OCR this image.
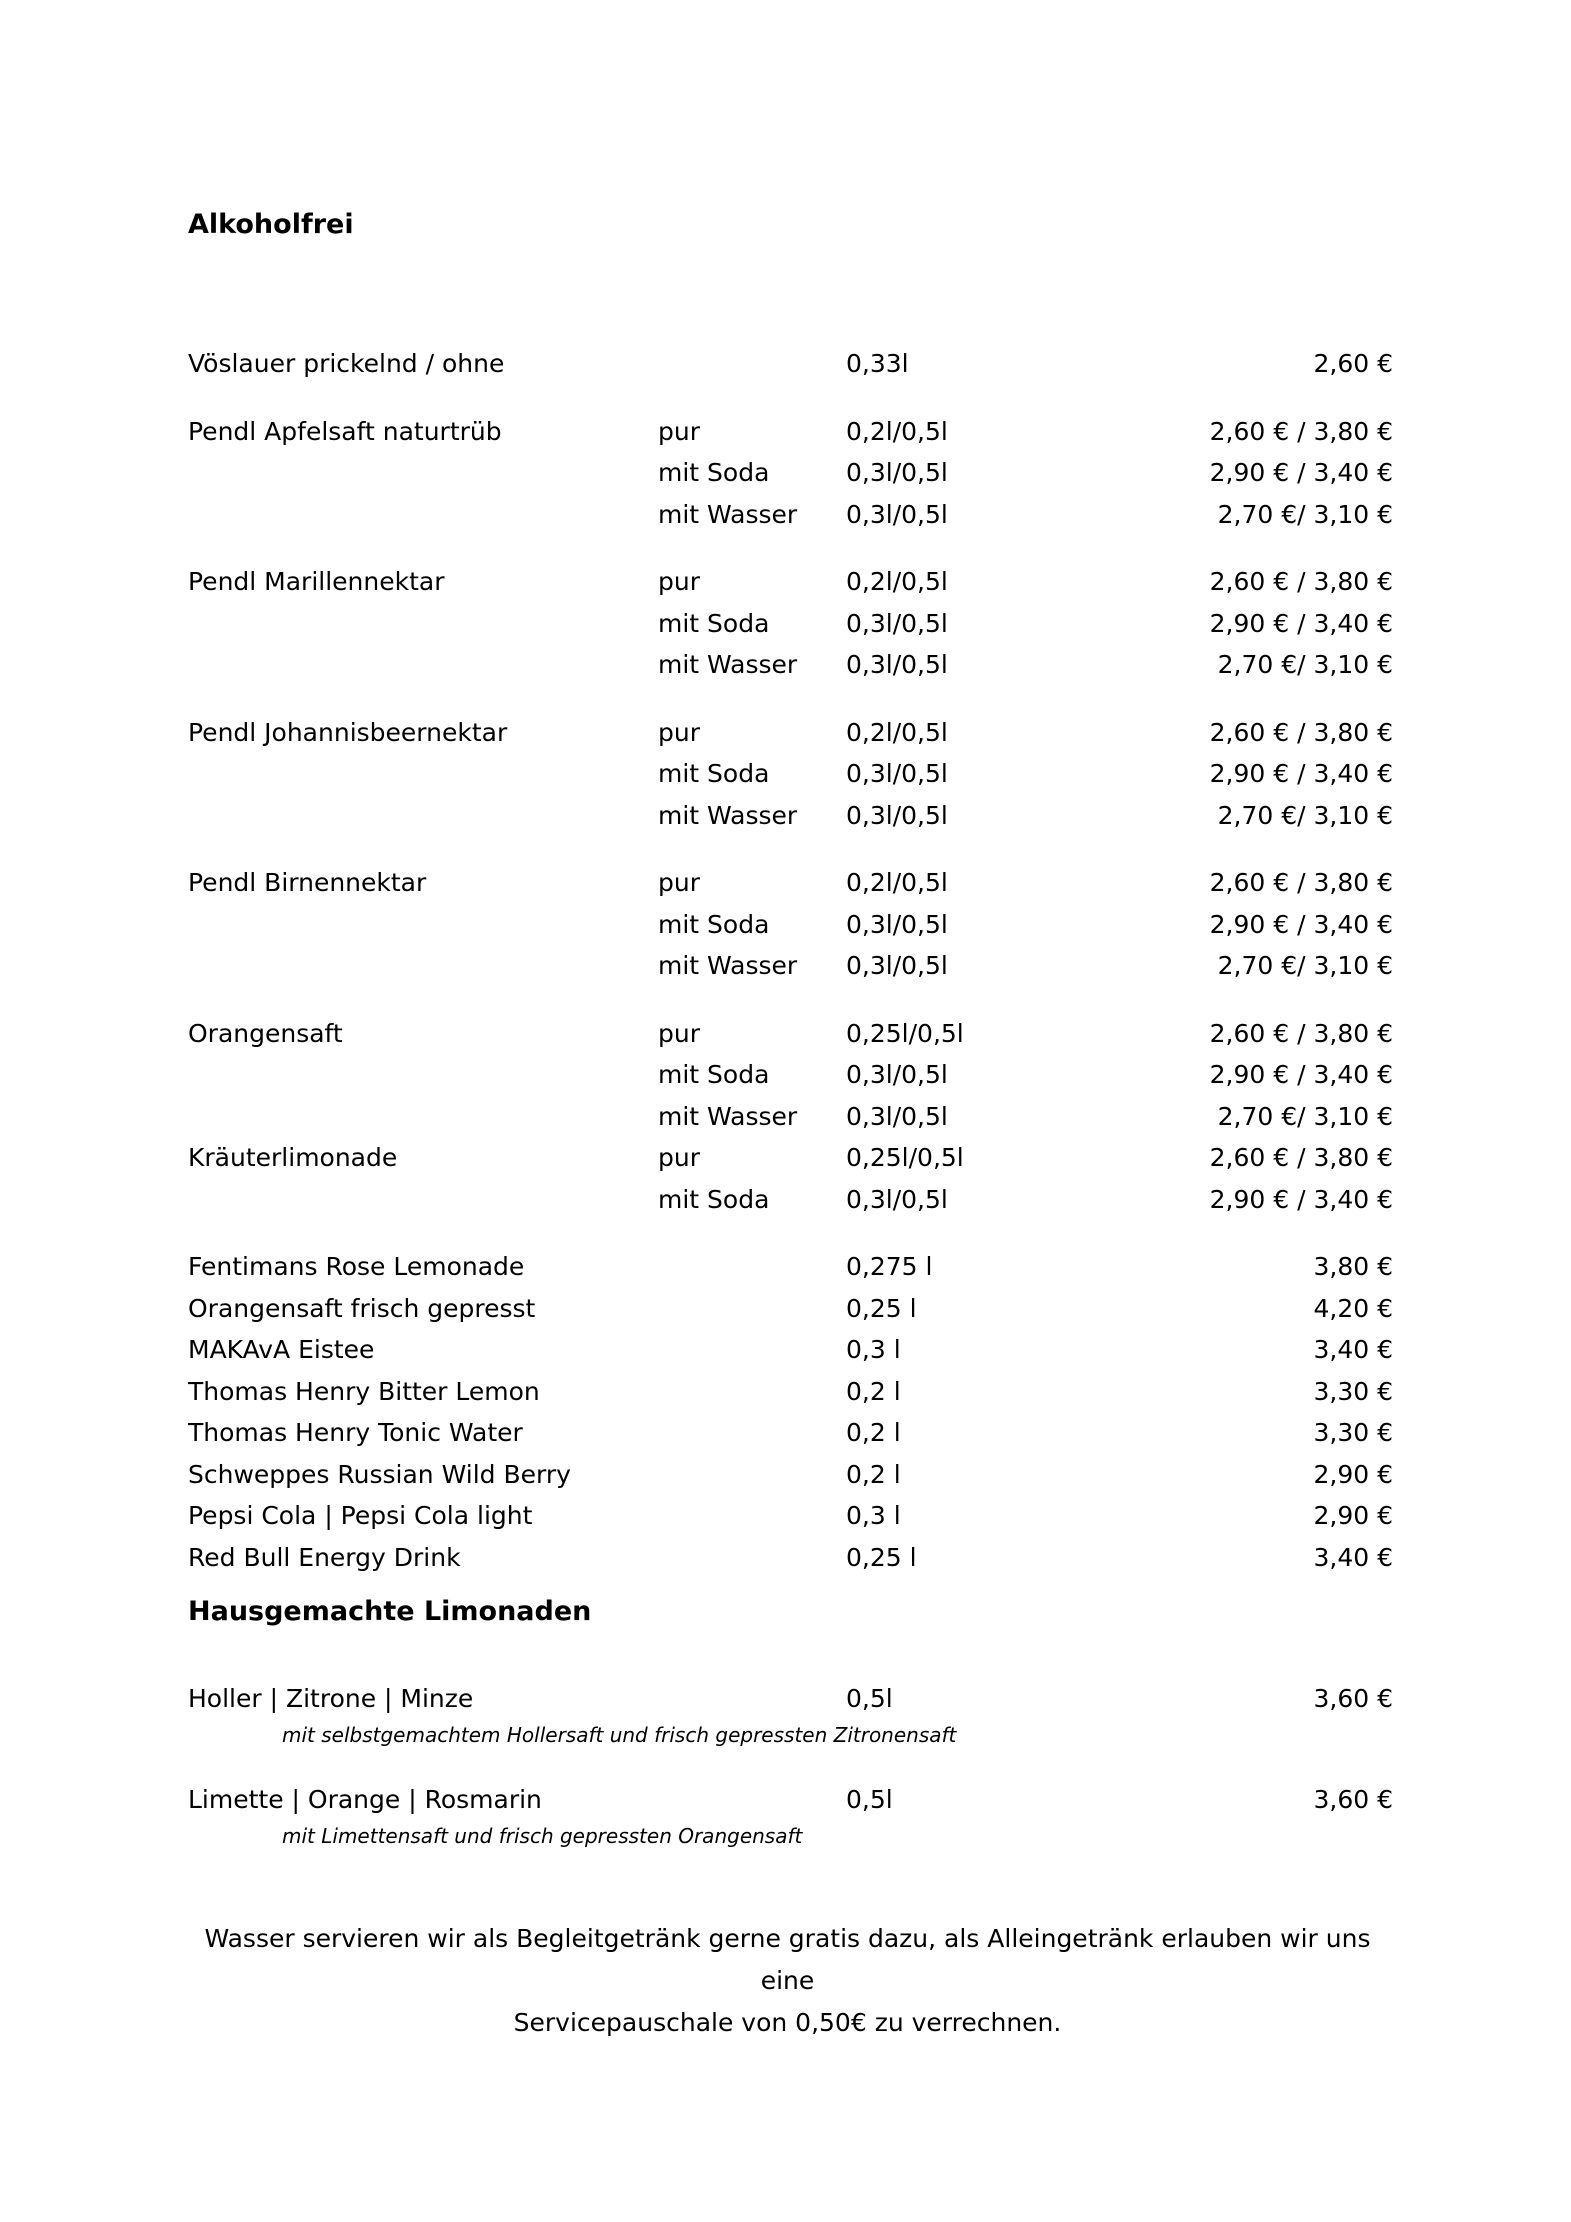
Alkoholfrei
Vöslauer prickelnd / ohne	0,33l	2,60 €
Pendl Apfelsaft naturtrüb	pur	0,2l/0,5l	2,60 € / 3,80 €
mit Soda	0,3l/0,5l	2,90 € / 3,40 €
mit Wasser 0,3l/0,5l	2,70 €/ 3,10 €
Pendl Marillennektar	pur	0,2l/0,5l	2,60 € / 3,80 €
mit Soda	0,3l/0,5l	2,90 € / 3,40 €
mit Wasser 0,3l/0,5l	2,70 €/ 3,10 €
Pendl Johannisbeernektar	pur	0,2l/0,5l	2,60 € / 3,80 €
mit Soda	0,3l/0,5l	2,90 € / 3,40 €
mit Wasser 0,3l/0,5l	2,70 €/ 3,10 €
Pendl Birnennektar	pur	0,2l/0,5l	2,60 € / 3,80 €
mit Soda	0,3l/0,5l	2,90 € / 3,40 €
mit Wasser 0,3l/0,5l	2,70 €/ 3,10 €
Orangensaft	pur	0,25l/0,5l	2,60 € / 3,80 €
mit Soda	0,3l/0,5l	2,90 € / 3,40 €
mit Wasser 0,3l/0,5l	2,70 €/ 3,10 €
Kräuterlimonade	pur	0,25l/0,5l	2,60 € / 3,80 €
mit Soda	0,3l/0,5l	2,90 € / 3,40 €
Fentimans Rose Lemonade	0,275 l	3,80 €
Orangensaft frisch gepresst	0,25 l	4,20 €
MAKAvA Eistee	0,3 l	3,40 €
Thomas Henry Bitter Lemon	0,2 l	3,30 €
Thomas Henry Tonic Water	0,2 l	3,30 €
Schweppes Russian Wild Berry	0,2 l	2,90 €
Pepsi Cola | Pepsi Cola light	0,3 l	2,90 €
Red Bull Energy Drink	0,25 l	3,40 €
Hausgemachte Limonaden
Holler | Zitrone | Minze	0,5l	3,60 €
mit selbstgemachtem Hollersaft und frisch gepressten Zitronensaft
Limette | Orange | Rosmarin	0,5l	3,60 €
mit Limettensaft und frisch gepressten Orangensaft
Wasser servieren wir als Begleitgetränk gerne gratis dazu, als Alleingetränk erlauben wir uns eine
Servicepauschale von 0,50€ zu verrechnen.
